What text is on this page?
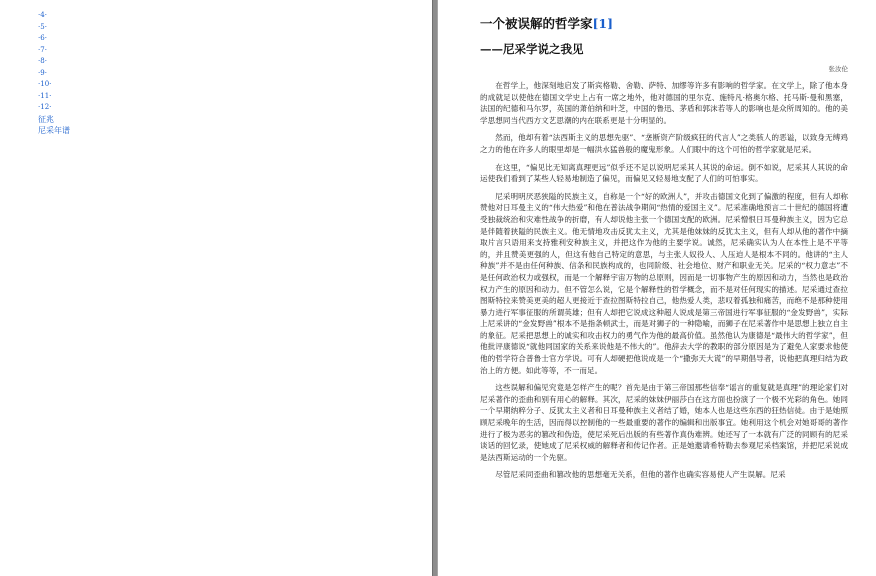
· 4 ·
· 5 ·
· 6 ·
· 7 ·
· 8 ·
· 9 ·
· 10 ·
· 11 ·
· 12 ·
征兆
尼采年谱
一个被误解的哲学家[1]
——尼采学说之我见
张汝伦

在哲学上，他深刻地启发了斯宾格勒、舍勒、萨特、加缪等许多有影响的哲学家。在文学上，除了他本身的成就足以使他在德国文学史上占有一席之地外，他对德国的里尔克、施特凡·格奥尔格、托马斯·曼和黑塞，法国的纪德和马尔罗，英国的萧伯纳和叶芝，中国的鲁迅、茅盾和郭沫若等人的影响也是众所周知的。他的美学思想同当代西方文艺思潮的内在联系更是十分明显的。

然而，他却有着“法西斯主义的思想先驱”、“垄断资产阶级疯狂的代言人”之类骇人的恶谥，以致身无缚鸡之力的他在许多人的眼里却是一幅洪水猛兽般的魔鬼形象。人们眼中的这个可怕的哲学家就是尼采。

在这里，“偏见比无知离真理更远”似乎还不足以说明尼采其人其说的命运。倒不如说，尼采其人其说的命运使我们看到了某些人轻易地制造了偏见，而偏见又轻易地支配了人们的可怕事实。

尼采明明厌恶狭隘的民族主义，自称是一个“好的欧洲人”，并攻击德国文化到了偏激的程度，但有人却称赞他对日耳曼主义的“伟大热爱”和他在普法战争期间“热情的爱国主义”。尼采准确地预言二十世纪的德国将遭受独裁统治和灾难性战争的折磨，有人却说他主张一个德国支配的欧洲。尼采憎恨日耳曼种族主义，因为它总是伴随着狭隘的民族主义。他无情地攻击反犹太主义，尤其是他妹妹的反犹太主义，但有人却从他的著作中摘取片言只语用来支持雅利安种族主义，并把这作为他的主要学说。诚然，尼采确实认为人在本性上是不平等的，并且赞美更强的人，但这有他自己特定的意思，与主张人奴役人、人压迫人是根本不同的。他讲的“主人种族”并不是由任何种族、信条和民族构成的，也同阶级、社会地位、财产和职业无关。尼采的“权力意志”不是任何政治权力或强权，而是一个解释宇宙万物的总原则，因而是一切事物产生的原因和动力，当然也是政治权力产生的原因和动力。但不管怎么说，它是个解释性的哲学概念，而不是对任何现实的描述。尼采通过查拉图斯特拉来赞美更美的超人更接近于查拉图斯特拉自己，他热爱人类，悲叹着孤独和痛苦，而绝不是那种使用暴力进行军事征服的所谓英雄；但有人却把它说成这种超人说成是第三帝国进行军事征服的“金发野兽”，实际上尼采讲的“金发野兽”根本不是指条顿武士，而是对狮子的一种隐喻，而狮子在尼采著作中是思想上独立自主的象征。尼采把思想上的诚实和攻击权力的勇气作为他的最高价值。虽然他认为康德是“最伟大的哲学家”，但他批评康德说“就他同国家的关系来说他是不伟大的”。他辞去大学的教职的部分原因是为了避免人家要求他使他的哲学符合普鲁士官方学说。可有人却硬把他说成是一个“撒弥天大谎”的早期倡导者，说他把真理归结为政治上的方便。如此等等，不一而足。

这些误解和偏见究竟是怎样产生的呢？首先是由于第三帝国那些信奉“谣言的重复就是真理”的理论家们对尼采著作的歪曲和别有用心的解释。其次，尼采的妹妹伊丽莎白在这方面也扮演了一个极不光彩的角色。她同一个早期纳粹分子、反犹太主义者和日耳曼种族主义者结了婚，她本人也是这些东西的狂热信徒。由于是她照顾尼采晚年的生活，因而得以控制他的一些最重要的著作的编辑和出版事宜。她利用这个机会对她哥哥的著作进行了极为恶劣的篡改和伪造，使尼采死后出版的有些著作真伪难辨。她还写了一本就有广泛的同顾有的尼采谈话的回忆录，使她成了尼采权威的解释者和传记作者。正是她邀请希特勒去参观尼采档案馆，并把尼采说成是法西斯运动的一个先驱。

尽管尼采同歪曲和篡改他的思想毫无关系，但他的著作也确实容易使人产生误解。尼采
